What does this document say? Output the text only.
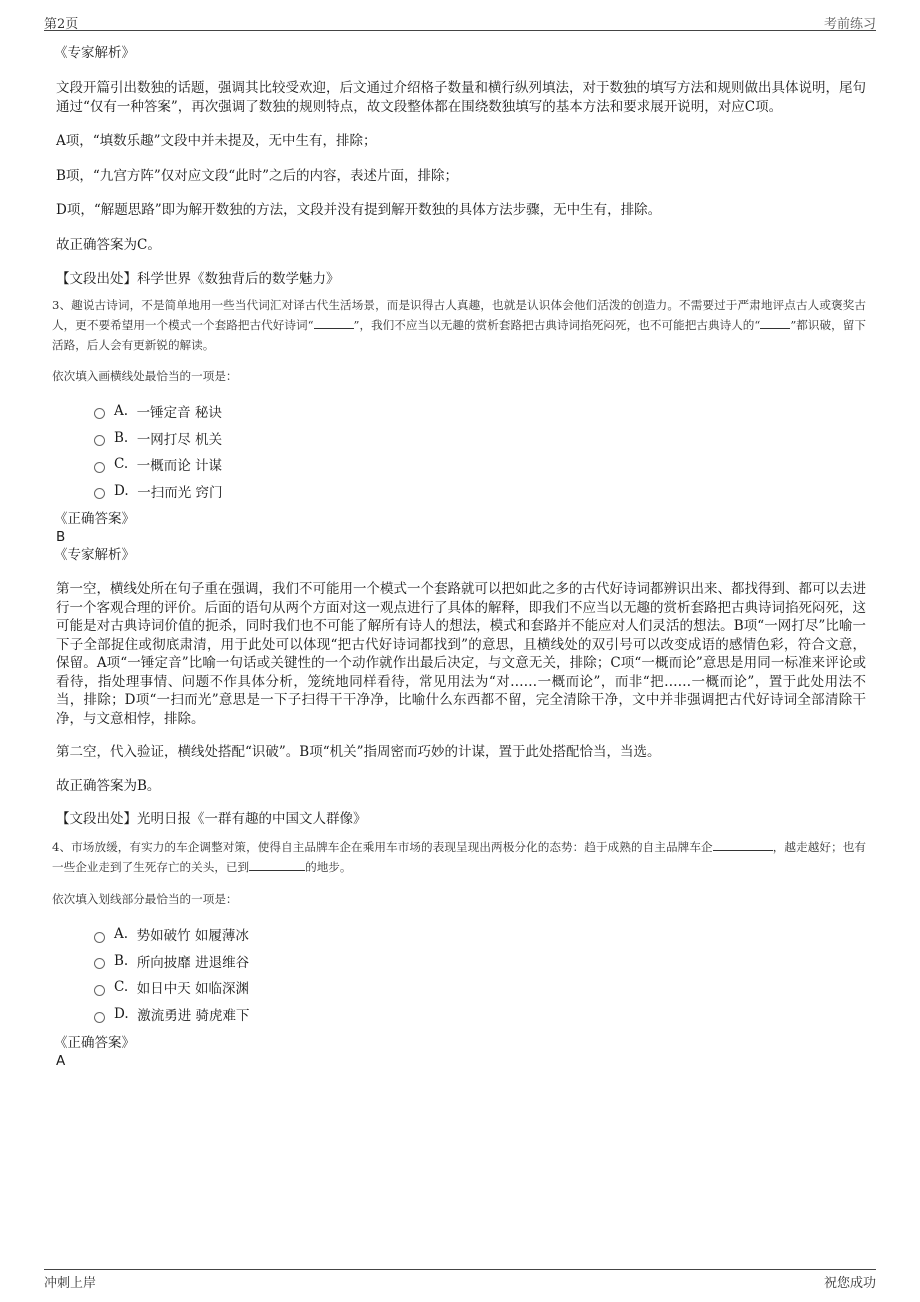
第2页	考前练习

《专家解析》

文段开篇引出数独的话题，强调其比较受欢迎，后文通过介绍格子数量和横行纵列填法，对于数独的填写方法和规则做出具体说明，尾句通过“仅有一种答案”，再次强调了数独的规则特点，故文段整体都在围绕数独填写的基本方法和要求展开说明，对应C项。

A项，“填数乐趣”文段中并未提及，无中生有，排除；

B项，“九宫方阵”仅对应文段“此时”之后的内容，表述片面，排除；

D项，“解题思路”即为解开数独的方法，文段并没有提到解开数独的具体方法步骤，无中生有，排除。

故正确答案为C。

【文段出处】科学世界《数独背后的数学魅力》

3、趣说古诗词，不是简单地用一些当代词汇对译古代生活场景，而是识得古人真趣，也就是认识体会他们活泼的创造力。不需要过于严肃地评点古人或褒奖古人，更不要希望用一个模式一个套路把古代好诗词“	”，我们不应当以无趣的赏析套路把古典诗词掐死闷死，也不可能把古典诗人的“	”都识破，留下活路，后人会有更新锐的解读。

依次填入画横线处最恰当的一项是：

A.
一锤定音 秘诀
B.
一网打尽 机关
C.
一概而论 计谋
D.
一扫而光 窍门

《正确答案》

B

《专家解析》

第一空，横线处所在句子重在强调，我们不可能用一个模式一个套路就可以把如此之多的古代好诗词都辨识出来、都找得到、都可以去进行一个客观合理的评价。后面的语句从两个方面对这一观点进行了具体的解释，即我们不应当以无趣的赏析套路把古典诗词掐死闷死，这可能是对古典诗词价值的扼杀，同时我们也不可能了解所有诗人的想法，模式和套路并不能应对人们灵活的想法。B项“一网打尽”比喻一下子全部捉住或彻底肃清，用于此处可以体现“把古代好诗词都找到”的意思，且横线处的双引号可以改变成语的感情色彩，符合文意，保留。A项“一锤定音”比喻一句话或关键性的一个动作就作出最后决定，与文意无关，排除；C项“一概而论”意思是用同一标准来评论或看待，指处理事情、问题不作具体分析，笼统地同样看待，常见用法为“对……一概而论”，而非“把……一概而论”，置于此处用法不当，排除；D项“一扫而光”意思是一下子扫得干干净净，比喻什么东西都不留，完全清除干净，文中并非强调把古代好诗词全部清除干净，与文意相悖，排除。

第二空，代入验证，横线处搭配“识破”。B项“机关”指周密而巧妙的计谋，置于此处搭配恰当，当选。

故正确答案为B。

【文段出处】光明日报《一群有趣的中国文人群像》

4、市场放缓，有实力的车企调整对策，使得自主品牌车企在乘用车市场的表现呈现出两极分化的态势：趋于成熟的自主品牌车企	，越走越好；也有一些企业走到了生死存亡的关头，已到	的地步。

依次填入划线部分最恰当的一项是：

A.
势如破竹 如履薄冰
B.
所向披靡 进退维谷
C.
如日中天 如临深渊
D.
激流勇进 骑虎难下

《正确答案》

A

冲刺上岸	祝您成功
